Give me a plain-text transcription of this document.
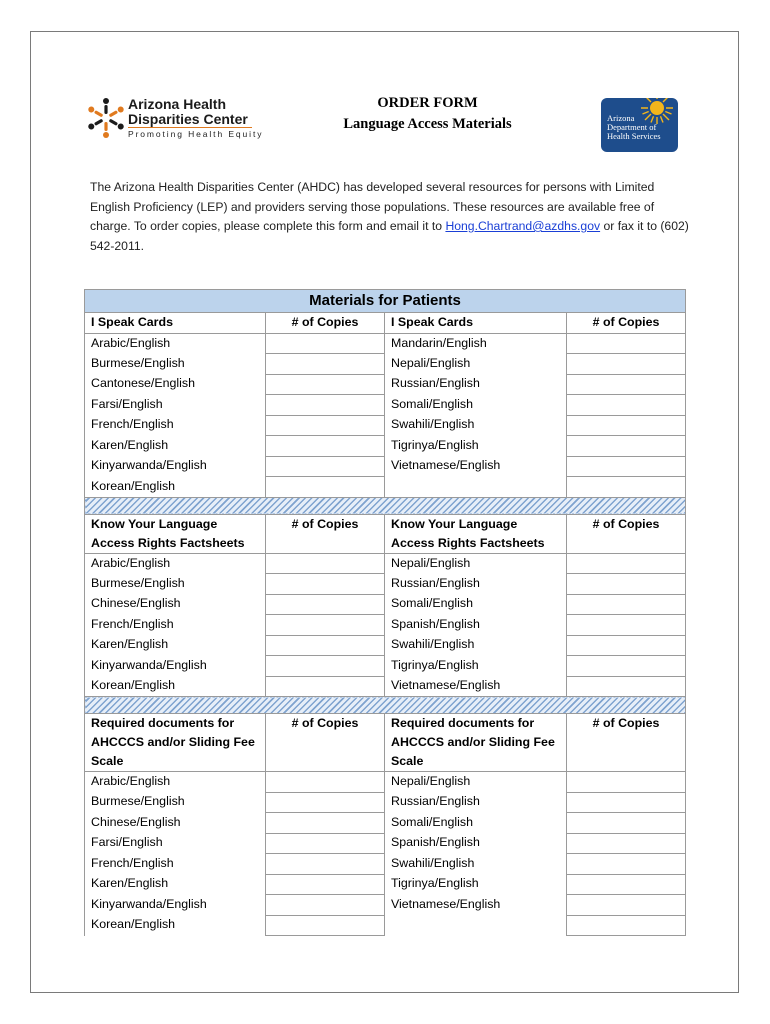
Arizona Health
Disparities Center
Promoting Health Equity
ORDER FORM
Language Access Materials	Arizona
Department of
Health Services
The Arizona Health Disparities Center (AHDC) has developed several resources for persons with Limited English Proficiency (LEP) and providers serving those populations. These resources are available free of charge. To order copies, please complete this form and email it to Hong.Chartrand@azdhs.gov or fax it to (602) 542-2011.
Materials for Patients			
I Speak Cards	# of Copies	I Speak Cards	# of Copies
Arabic/English		Mandarin/English	
Burmese/English		Nepali/English	
Cantonese/English		Russian/English	
Farsi/English		Somali/English	
French/English		Swahili/English	
Karen/English		Tigrinya/English	
Kinyarwanda/English		Vietnamese/English	
Korean/English			

Know Your Language Access Rights Factsheets	# of Copies	Know Your Language Access Rights Factsheets	# of Copies
Arabic/English		Nepali/English	
Burmese/English		Russian/English	
Chinese/English		Somali/English	
French/English		Spanish/English	
Karen/English		Swahili/English	
Kinyarwanda/English		Tigrinya/English	
Korean/English		Vietnamese/English	

Required documents for AHCCCS and/or Sliding Fee Scale	# of Copies	Required documents for AHCCCS and/or Sliding Fee Scale	# of Copies
Arabic/English		Nepali/English	
Burmese/English		Russian/English	
Chinese/English		Somali/English	
Farsi/English		Spanish/English	
French/English		Swahili/English	
Karen/English		Tigrinya/English	
Kinyarwanda/English		Vietnamese/English	
Korean/English			
